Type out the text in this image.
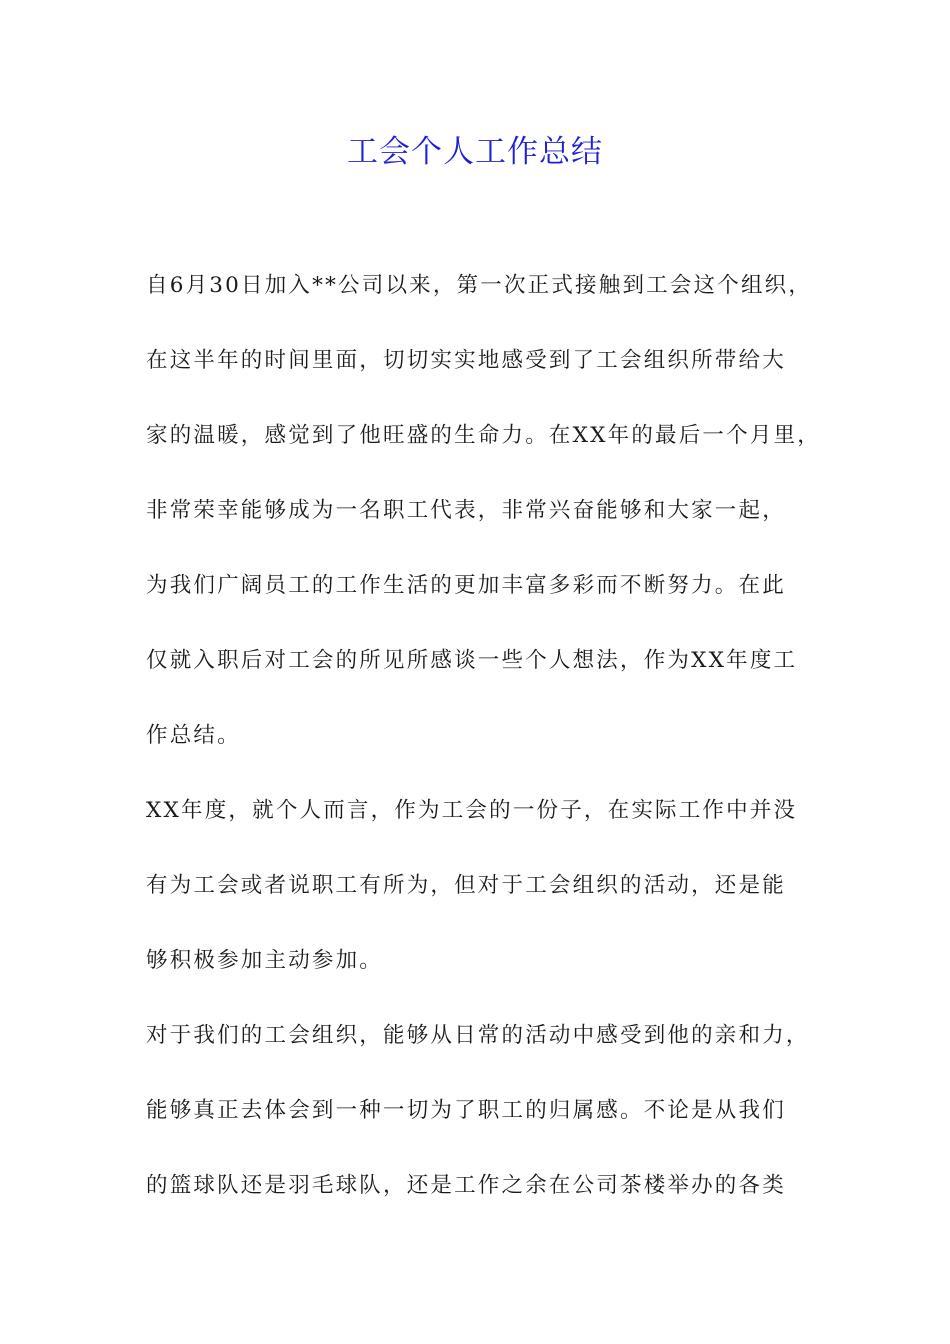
工会个人工作总结
自6月30日加入**公司以来，第一次正式接触到工会这个组织，
在这半年的时间里面，切切实实地感受到了工会组织所带给大
家的温暖，感觉到了他旺盛的生命力。在XX年的最后一个月里，
非常荣幸能够成为一名职工代表，非常兴奋能够和大家一起，
为我们广阔员工的工作生活的更加丰富多彩而不断努力。在此
仅就入职后对工会的所见所感谈一些个人想法，作为XX年度工
作总结。
XX年度，就个人而言，作为工会的一份子，在实际工作中并没
有为工会或者说职工有所为，但对于工会组织的活动，还是能
够积极参加主动参加。
对于我们的工会组织，能够从日常的活动中感受到他的亲和力，
能够真正去体会到一种一切为了职工的归属感。不论是从我们
的篮球队还是羽毛球队，还是工作之余在公司茶楼举办的各类
